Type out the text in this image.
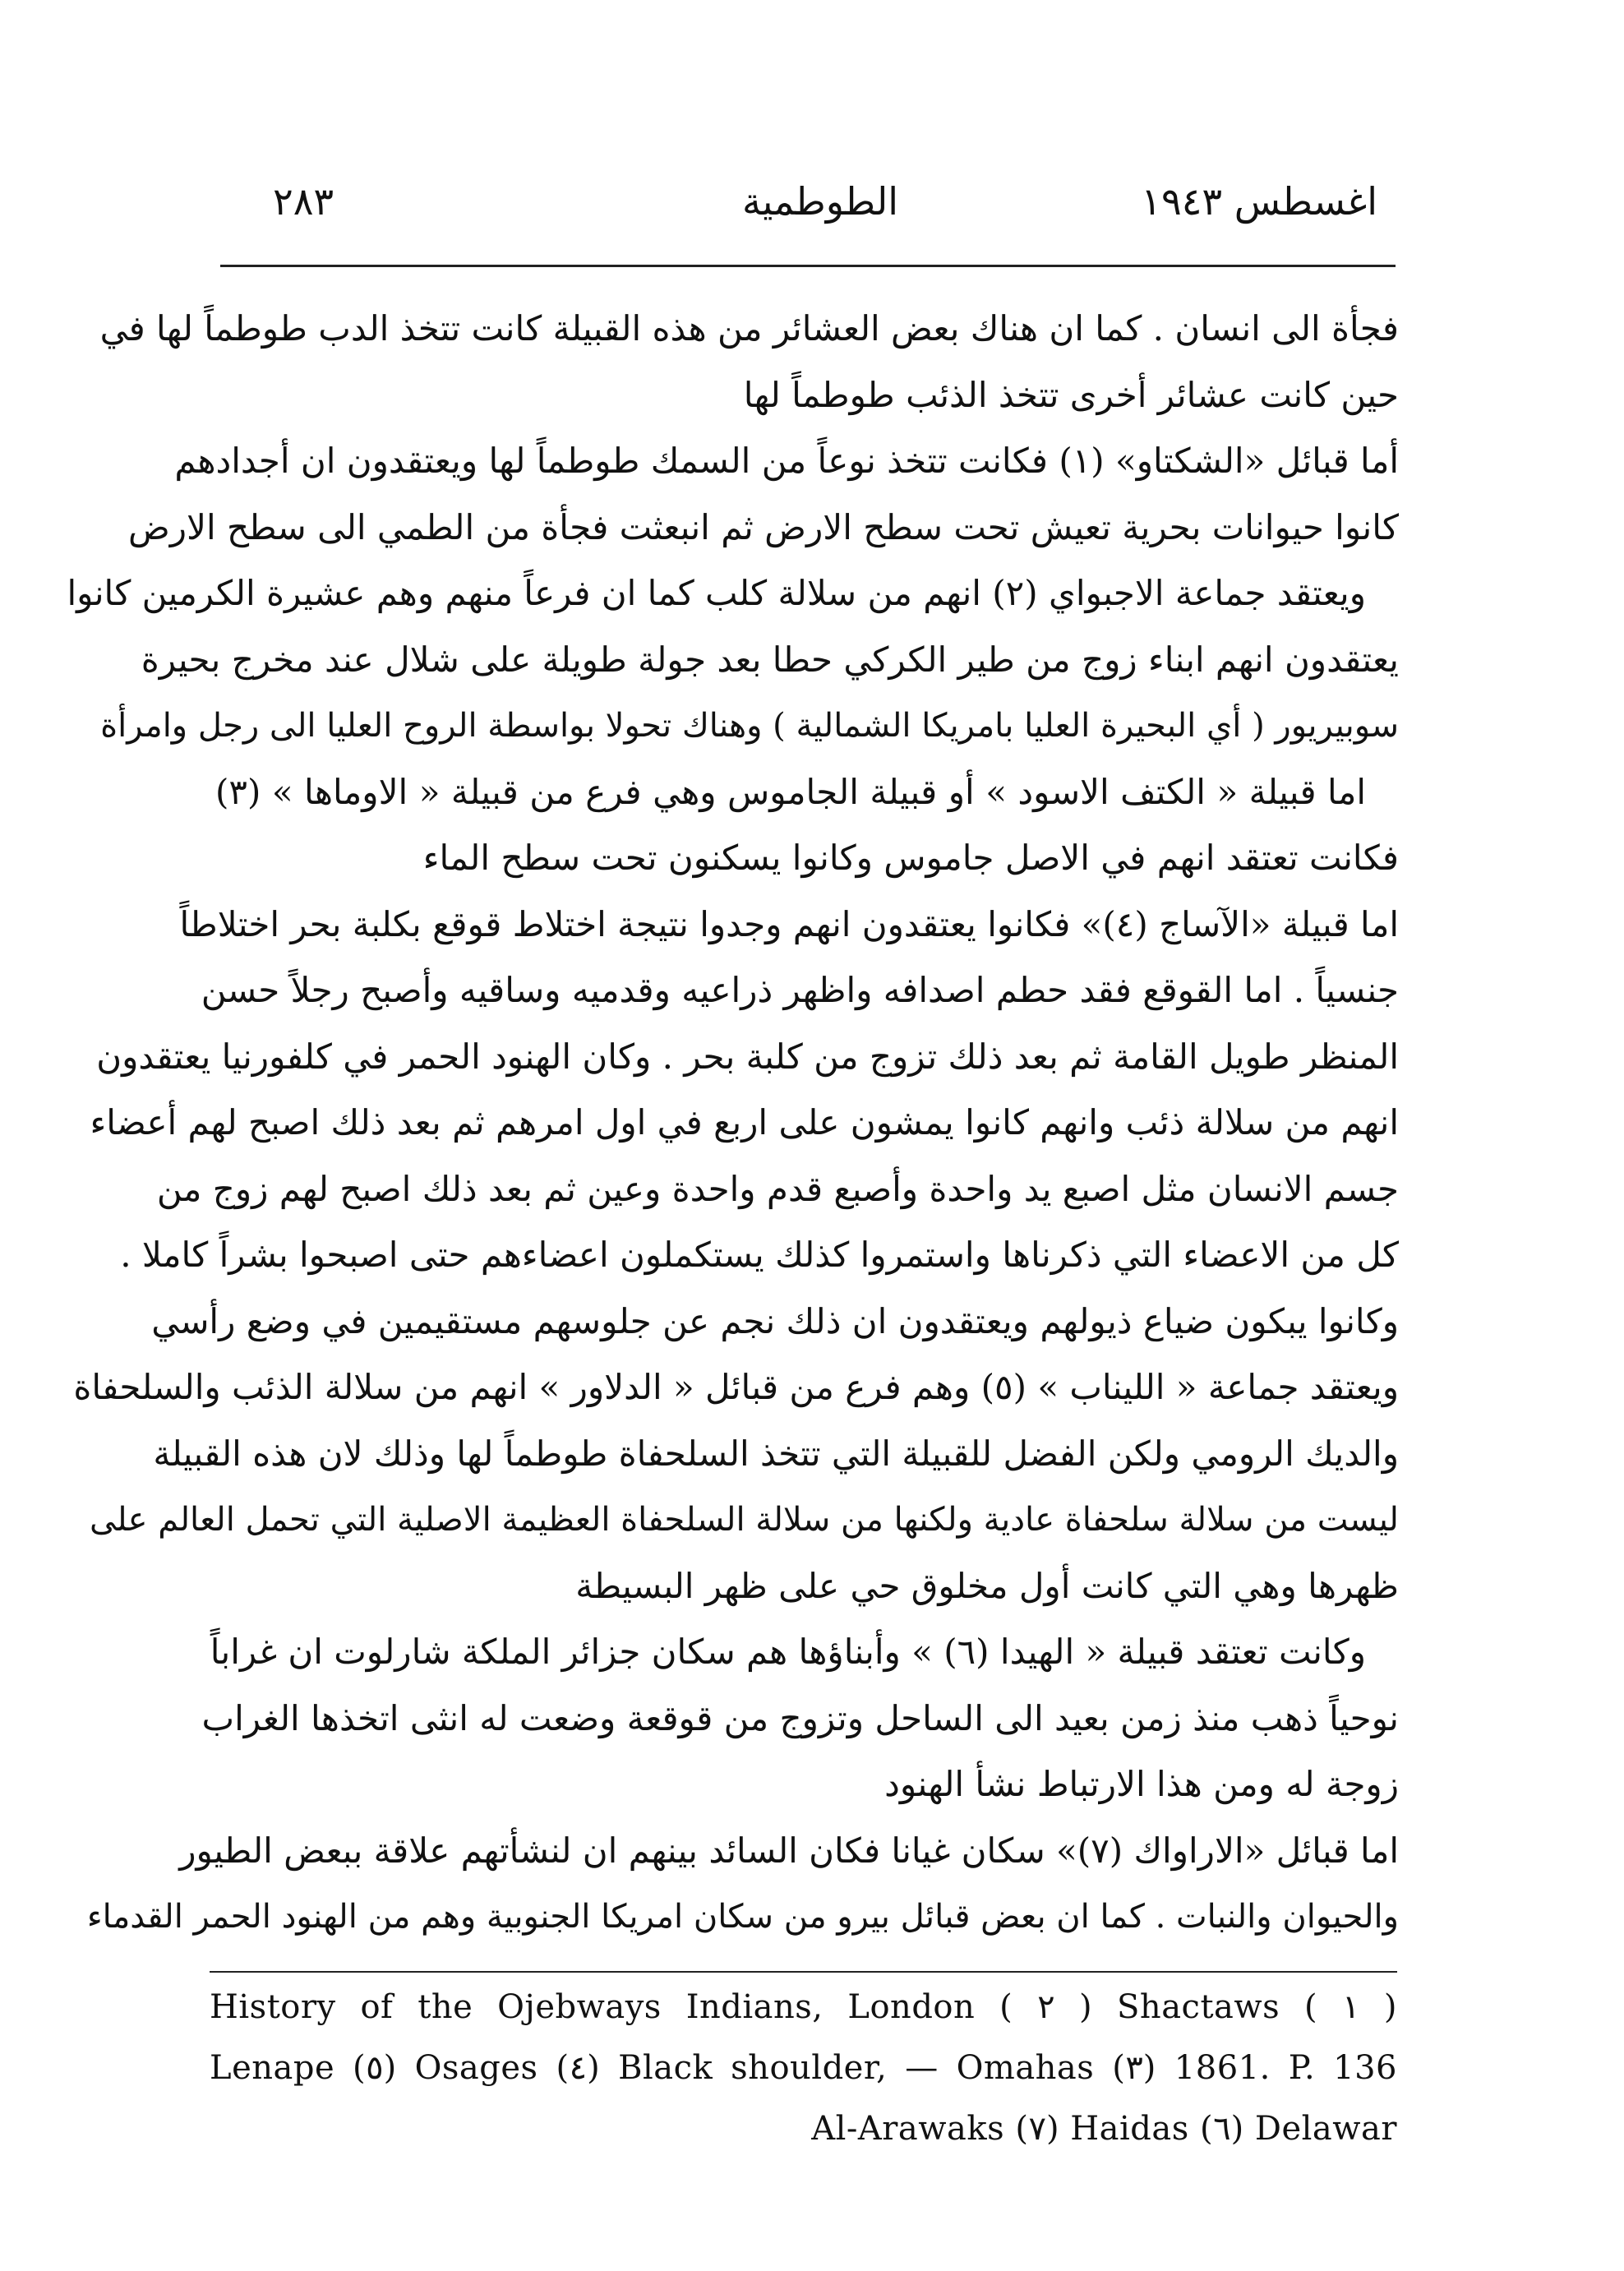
٢٨٣	الطوطمية	اغسطس ١٩٤٣
فجأة الى انسان . كما ان هناك بعض العشائر من هذه القبيلة كانت تتخذ الدب طوطماً لها في
حين كانت عشائر أخرى تتخذ الذئب طوطماً لها
أما قبائل «الشكتاو» (١) فكانت تتخذ نوعاً من السمك طوطماً لها ويعتقدون ان أجدادهم
كانوا حيوانات بحرية تعيش تحت سطح الارض ثم انبعثت فجأة من الطمي الى سطح الارض
ويعتقد جماعة الاجبواي (٢) انهم من سلالة كلب كما ان فرعاً منهم وهم عشيرة الكرمين كانوا
يعتقدون انهم ابناء زوج من طير الكركي حطا بعد جولة طويلة على شلال عند مخرج بحيرة
سوبيريور ( أي البحيرة العليا بامريكا الشمالية ) وهناك تحولا بواسطة الروح العليا الى رجل وامرأة
اما قبيلة « الكتف الاسود » أو قبيلة الجاموس وهي فرع من قبيلة « الاوماها » (٣)
فكانت تعتقد انهم في الاصل جاموس وكانوا يسكنون تحت سطح الماء
اما قبيلة «الآساج (٤)» فكانوا يعتقدون انهم وجدوا نتيجة اختلاط قوقع بكلبة بحر اختلاطاً
جنسياً . اما القوقع فقد حطم اصدافه واظهر ذراعيه وقدميه وساقيه وأصبح رجلاً حسن
المنظر طويل القامة ثم بعد ذلك تزوج من كلبة بحر . وكان الهنود الحمر في كلفورنيا يعتقدون
انهم من سلالة ذئب وانهم كانوا يمشون على اربع في اول امرهم ثم بعد ذلك اصبح لهم أعضاء
جسم الانسان مثل اصبع يد واحدة وأصبع قدم واحدة وعين ثم بعد ذلك اصبح لهم زوج من
كل من الاعضاء التي ذكرناها واستمروا كذلك يستكملون اعضاءهم حتى اصبحوا بشراً كاملا .
وكانوا يبكون ضياع ذيولهم ويعتقدون ان ذلك نجم عن جلوسهم مستقيمين في وضع رأسي
ويعتقد جماعة « الليناب » (٥) وهم فرع من قبائل « الدلاور » انهم من سلالة الذئب والسلحفاة
والديك الرومي ولكن الفضل للقبيلة التي تتخذ السلحفاة طوطماً لها وذلك لان هذه القبيلة
ليست من سلالة سلحفاة عادية ولكنها من سلالة السلحفاة العظيمة الاصلية التي تحمل العالم على
ظهرها وهي التي كانت أول مخلوق حي على ظهر البسيطة
وكانت تعتقد قبيلة « الهيدا (٦) » وأبناؤها هم سكان جزائر الملكة شارلوت ان غراباً
نوحياً ذهب منذ زمن بعيد الى الساحل وتزوج من قوقعة وضعت له انثى اتخذها الغراب
زوجة له ومن هذا الارتباط نشأ الهنود
اما قبائل «الاراواك (٧)» سكان غيانا فكان السائد بينهم ان لنشأتهم علاقة ببعض الطيور
والحيوان والنبات . كما ان بعض قبائل بيرو من سكان امريكا الجنوبية وهم من الهنود الحمر القدماء
History of the Ojebways Indians, London ( ٢ ) Shactaws ( ١ )
Lenape (٥) Osages (٤) Black shoulder, — Omahas (٣) 1861. P. 136
Al-Arawaks (٧) Haidas (٦) Delawar
